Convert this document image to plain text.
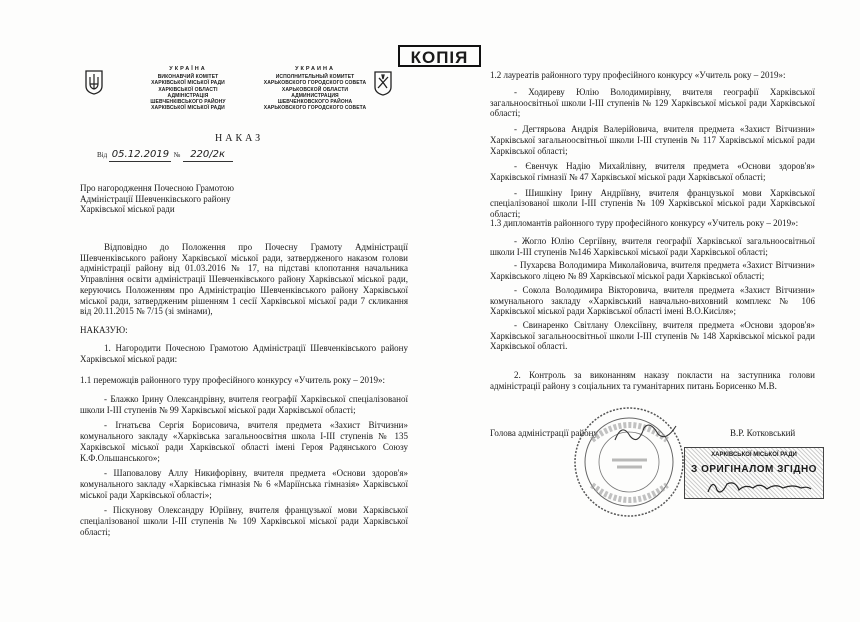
УКРАЇНА
ВИКОНАВЧИЙ КОМІТЕТ
ХАРКІВСЬКОЇ МІСЬКОЇ РАДИ
ХАРКІВСЬКОЇ ОБЛАСТІ
АДМІНІСТРАЦІЯ
ШЕВЧЕНКІВСЬКОГО РАЙОНУ
ХАРКІВСЬКОЇ МІСЬКОЇ РАДИ
УКРАИНА
ИСПОЛНИТЕЛЬНЫЙ КОМИТЕТ
ХАРЬКОВСКОГО ГОРОДСКОГО СОВЕТА
ХАРЬКОВСКОЙ ОБЛАСТИ
АДМИНИСТРАЦИЯ
ШЕВЧЕНКОВСКОГО РАЙОНА
ХАРЬКОВСКОГО ГОРОДСКОГО СОВЕТА
КОПІЯ
НАКАЗ
Від 05.12.2019 № 220/2к
Про нагородження Почесною Грамотою
Адміністрації Шевченківського району
Харківської міської ради
Відповідно до Положення про Почесну Грамоту Адміністрації Шевченківського району Харківської міської ради, затвердженого наказом голови адміністрації району від 01.03.2016 № 17, на підставі клопотання начальника Управління освіти адміністрації Шевченківського району Харківської міської ради, керуючись Положенням про Адміністрацію Шевченківського району Харківської міської ради, затвердженим рішенням 1 сесії Харківської міської ради 7 скликання від 20.11.2015 № 7/15 (зі змінами),
НАКАЗУЮ:
1. Нагородити Почесною Грамотою Адміністрації Шевченківського району Харківської міської ради:
1.1 переможців районного туру професійного конкурсу «Учитель року – 2019»:
- Блажко Ірину Олександрівну, вчителя географії Харківської спеціалізованої школи І-ІІІ ступенів № 99 Харківської міської ради Харківської області;
- Ігнатьєва Сергія Борисовича, вчителя предмета «Захист Вітчизни» комунального закладу «Харківська загальноосвітня школа І-ІІІ ступенів № 135 Харківської міської ради Харківської області імені Героя Радянського Союзу К.Ф.Ольшанського»;
- Шаповалову Аллу Никифорівну, вчителя предмета «Основи здоров'я» комунального закладу «Харківська гімназія № 6 «Маріїнська гімназія» Харківської міської ради Харківської області»;
- Піскунову Олександру Юріївну, вчителя французької мови Харківської спеціалізованої школи І-ІІІ ступенів № 109 Харківської міської ради Харківської області;
1.2 лауреатів районного туру професійного конкурсу «Учитель року – 2019»:
- Ходиреву Юлію Володимирівну, вчителя географії Харківської загальноосвітньої школи І-ІІІ ступенів № 129 Харківської міської ради Харківської області;
- Дегтярьова Андрія Валерійовича, вчителя предмета «Захист Вітчизни» Харківської загальноосвітньої школи І-ІІІ ступенів № 117 Харківської міської ради Харківської області;
- Євенчук Надію Михайлівну, вчителя предмета «Основи здоров'я» Харківської гімназії № 47 Харківської міської ради Харківської області;
- Шишкіну Ірину Андріївну, вчителя французької мови Харківської спеціалізованої школи І-ІІІ ступенів № 109 Харківської міської ради Харківської області;
1.3 дипломантів районного туру професійного конкурсу «Учитель року – 2019»:
- Жогло Юлію Сергіївну, вчителя географії Харківської загальноосвітньої школи І-ІІІ ступенів №146 Харківської міської ради Харківської області;
- Пухарєва Володимира Миколайовича, вчителя предмета «Захист Вітчизни» Харківського ліцею № 89 Харківської міської ради Харківської області;
- Сокола Володимира Вікторовича, вчителя предмета «Захист Вітчизни» комунального закладу «Харківський навчально-виховний комплекс № 106 Харківської міської ради Харківської області імені В.О.Кисіля»;
- Свинаренко Світлану Олексіївну, вчителя предмета «Основи здоров'я» Харківської загальноосвітньої школи І-ІІІ ступенів № 148 Харківської міської ради Харківської області.
2. Контроль за виконанням наказу покласти на заступника голови адміністрації району з соціальних та гуманітарних питань Борисенко М.В.
Голова адміністрації району	В.Р. Котковський
ХАРКІВСЬКОЇ МІСЬКОЇ РАДИ
З ОРИГІНАЛОМ ЗГІДНО
